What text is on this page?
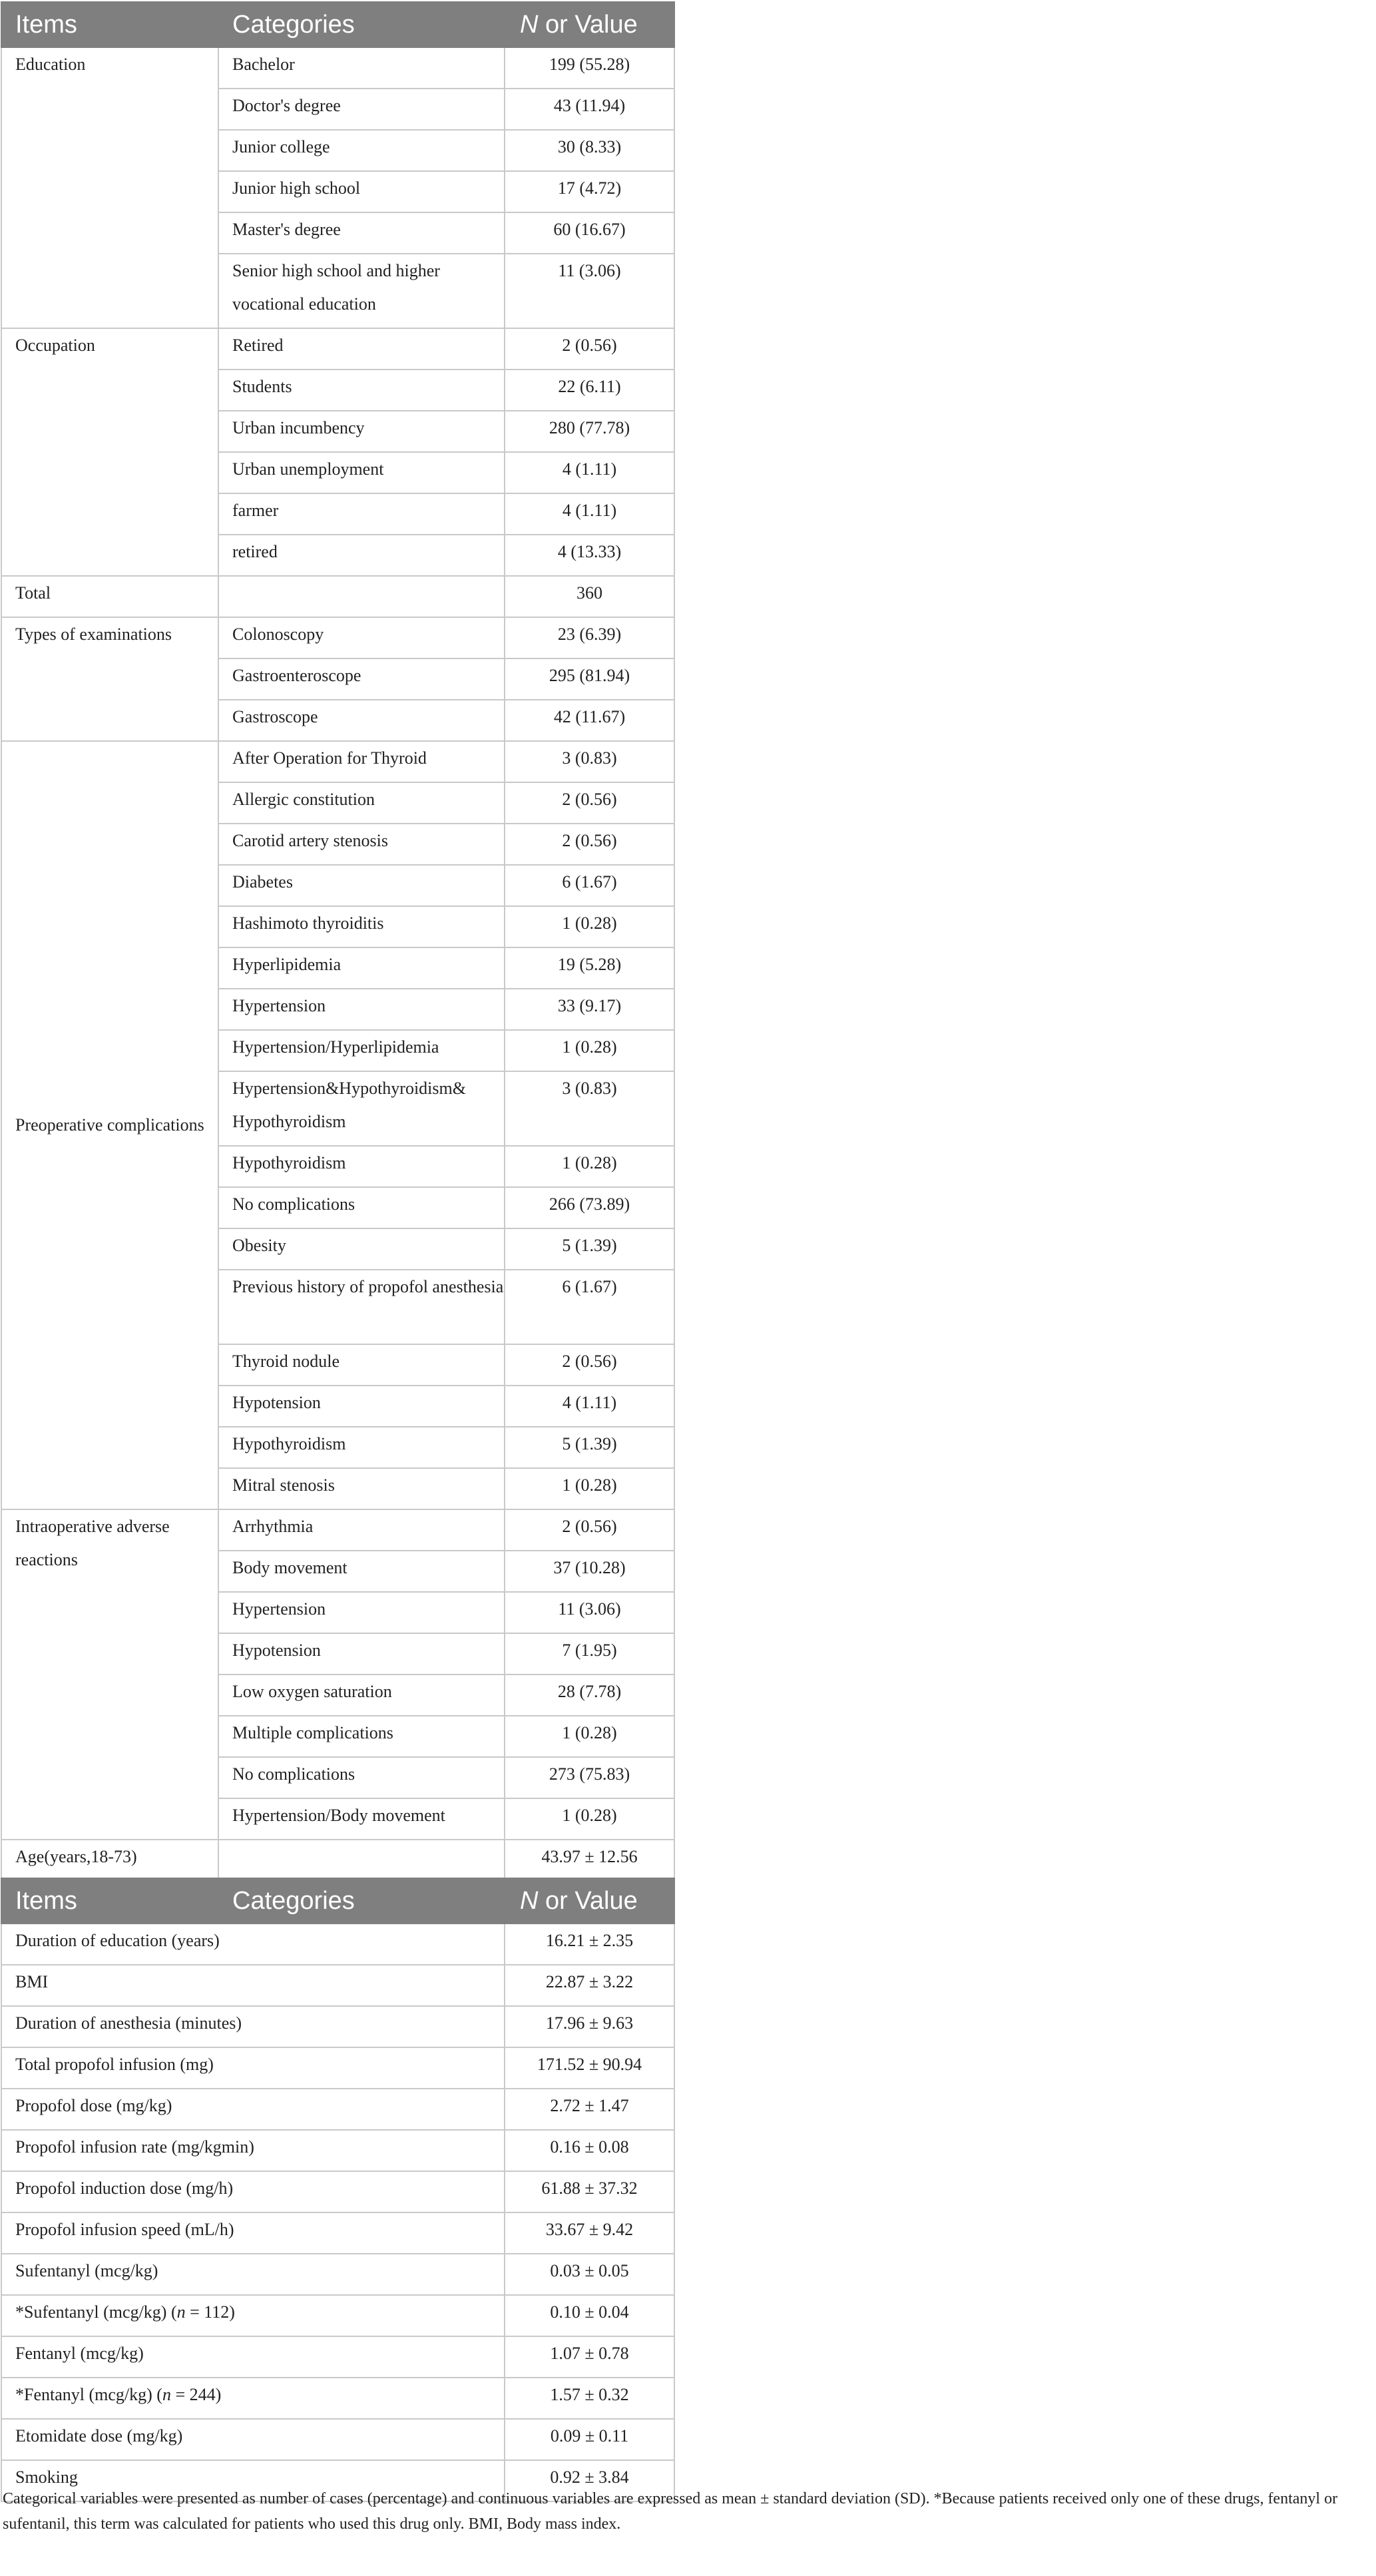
Items	Categories	N or Value
Education	Bachelor	199 (55.28)
	Doctor's degree	43 (11.94)
	Junior college	30 (8.33)
	Junior high school	17 (4.72)
	Master's degree	60 (16.67)
	Senior high school and higher vocational education	11 (3.06)
Occupation	Retired	2 (0.56)
	Students	22 (6.11)
	Urban incumbency	280 (77.78)
	Urban unemployment	4 (1.11)
	farmer	4 (1.11)
	retired	4 (13.33)
Total		360
Types of examinations	Colonoscopy	23 (6.39)
	Gastroenteroscope	295 (81.94)
	Gastroscope	42 (11.67)
Preoperative complications	After Operation for Thyroid	3 (0.83)
	Allergic constitution	2 (0.56)
	Carotid artery stenosis	2 (0.56)
	Diabetes	6 (1.67)
	Hashimoto thyroiditis	1 (0.28)
	Hyperlipidemia	19 (5.28)
	Hypertension	33 (9.17)
	Hypertension/Hyperlipidemia	1 (0.28)
	Hypertension&Hypothyroidism& Hypothyroidism	3 (0.83)
	Hypothyroidism	1 (0.28)
	No complications	266 (73.89)
	Obesity	5 (1.39)
	Previous history of propofol anesthesia	6 (1.67)
	Thyroid nodule	2 (0.56)
	Hypotension	4 (1.11)
	Hypothyroidism	5 (1.39)
	Mitral stenosis	1 (0.28)
Intraoperative adverse reactions	Arrhythmia	2 (0.56)
	Body movement	37 (10.28)
	Hypertension	11 (3.06)
	Hypotension	7 (1.95)
	Low oxygen saturation	28 (7.78)
	Multiple complications	1 (0.28)
	No complications	273 (75.83)
	Hypertension/Body movement	1 (0.28)
Age(years,18-73)		43.97 ± 12.56
Items	Categories	N or Value
Duration of education (years)		16.21 ± 2.35
BMI		22.87 ± 3.22
Duration of anesthesia (minutes)		17.96 ± 9.63
Total propofol infusion (mg)		171.52 ± 90.94
Propofol dose (mg/kg)		2.72 ± 1.47
Propofol infusion rate (mg/kgmin)		0.16 ± 0.08
Propofol induction dose (mg/h)		61.88 ± 37.32
Propofol infusion speed (mL/h)		33.67 ± 9.42
Sufentanyl (mcg/kg)		0.03 ± 0.05
*Sufentanyl (mcg/kg) (n = 112)		0.10 ± 0.04
Fentanyl (mcg/kg)		1.07 ± 0.78
*Fentanyl (mcg/kg) (n = 244)		1.57 ± 0.32
Etomidate dose (mg/kg)		0.09 ± 0.11
Smoking		0.92 ± 3.84

Categorical variables were presented as number of cases (percentage) and continuous variables are expressed as mean ± standard deviation (SD). *Because patients received only one of these drugs, fentanyl or sufentanil, this term was calculated for patients who used this drug only. BMI, Body mass index.
